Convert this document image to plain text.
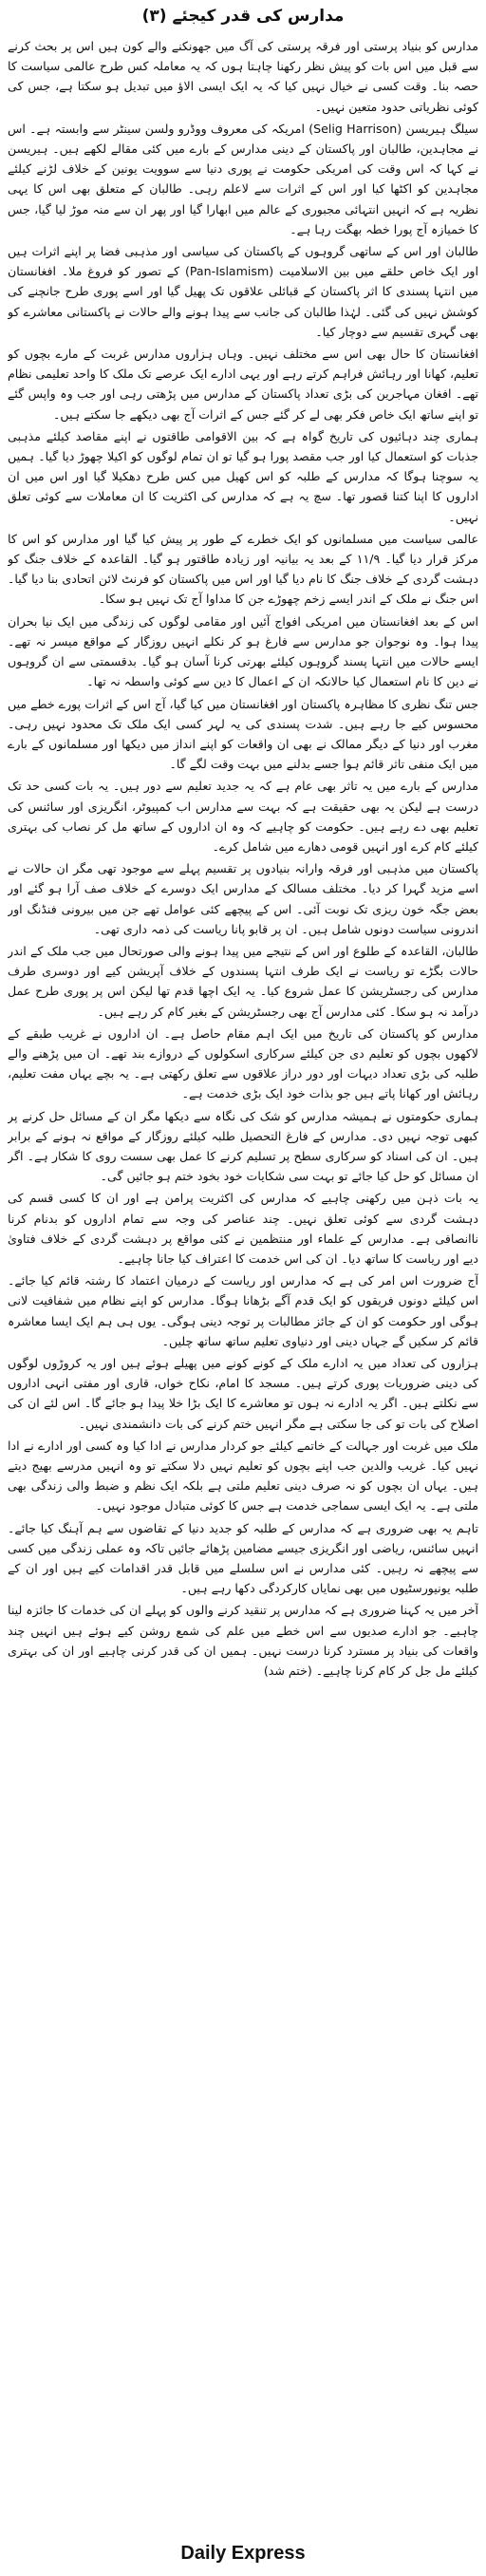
مدارس کی قدر کیجئے (۳)

مدارس کو بنیاد پرستی اور فرقہ پرستی کی آگ میں جھونکنے والے کون ہیں اس پر بحث کرنے سے قبل میں اس بات کو پیش نظر رکھنا چاہتا ہوں کہ یہ معاملہ کس طرح عالمی سیاست کا حصہ بنا۔ وقت کسی نے خیال نہیں کیا کہ یہ ایک ایسی الاؤ میں تبدیل ہو سکتا ہے، جس کی کوئی نظریاتی حدود متعین نہیں۔

سیلگ ہیریسن (Selig Harrison) امریکہ کی معروف ووڈرو ولسن سینٹر سے وابستہ ہے۔ اس نے مجاہدین، طالبان اور پاکستان کے دینی مدارس کے بارے میں کئی مقالے لکھے ہیں۔ ہیریسن نے کہا کہ اس وقت کی امریکی حکومت نے پوری دنیا سے سوویت یونین کے خلاف لڑنے کیلئے مجاہدین کو اکٹھا کیا اور اس کے اثرات سے لاعلم رہی۔ طالبان کے متعلق بھی اس کا یہی نظریہ ہے کہ انہیں انتہائی مجبوری کے عالم میں ابھارا گیا اور پھر ان سے منہ موڑ لیا گیا، جس کا خمیازہ آج پورا خطہ بھگت رہا ہے۔

طالبان اور اس کے ساتھی گروہوں کے پاکستان کی سیاسی اور مذہبی فضا پر اپنے اثرات ہیں اور ایک خاص حلقے میں بین الاسلامیت (Pan-Islamism) کے تصور کو فروغ ملا۔ افغانستان میں انتہا پسندی کا اثر پاکستان کے قبائلی علاقوں تک پھیل گیا اور اسے پوری طرح جانچنے کی کوشش نہیں کی گئی۔ لہٰذا طالبان کی جانب سے پیدا ہونے والے حالات نے پاکستانی معاشرے کو بھی گہری تقسیم سے دوچار کیا۔

افغانستان کا حال بھی اس سے مختلف نہیں۔ وہاں ہزاروں مدارس غربت کے مارے بچوں کو تعلیم، کھانا اور رہائش فراہم کرتے رہے اور یہی ادارے ایک عرصے تک ملک کا واحد تعلیمی نظام تھے۔ افغان مہاجرین کی بڑی تعداد پاکستان کے مدارس میں پڑھتی رہی اور جب وہ واپس گئے تو اپنے ساتھ ایک خاص فکر بھی لے کر گئے جس کے اثرات آج بھی دیکھے جا سکتے ہیں۔

ہماری چند دہائیوں کی تاریخ گواہ ہے کہ بین الاقوامی طاقتوں نے اپنے مقاصد کیلئے مذہبی جذبات کو استعمال کیا اور جب مقصد پورا ہو گیا تو ان تمام لوگوں کو اکیلا چھوڑ دیا گیا۔ ہمیں یہ سوچنا ہوگا کہ مدارس کے طلبہ کو اس کھیل میں کس طرح دھکیلا گیا اور اس میں ان اداروں کا اپنا کتنا قصور تھا۔ سچ یہ ہے کہ مدارس کی اکثریت کا ان معاملات سے کوئی تعلق نہیں۔

عالمی سیاست میں مسلمانوں کو ایک خطرے کے طور پر پیش کیا گیا اور مدارس کو اس کا مرکز قرار دیا گیا۔ ۱۱/۹ کے بعد یہ بیانیہ اور زیادہ طاقتور ہو گیا۔ القاعدہ کے خلاف جنگ کو دہشت گردی کے خلاف جنگ کا نام دیا گیا اور اس میں پاکستان کو فرنٹ لائن اتحادی بنا دیا گیا۔ اس جنگ نے ملک کے اندر ایسے زخم چھوڑے جن کا مداوا آج تک نہیں ہو سکا۔

اس کے بعد افغانستان میں امریکی افواج آئیں اور مقامی لوگوں کی زندگی میں ایک نیا بحران پیدا ہوا۔ وہ نوجوان جو مدارس سے فارغ ہو کر نکلے انہیں روزگار کے مواقع میسر نہ تھے۔ ایسے حالات میں انتہا پسند گروہوں کیلئے بھرتی کرنا آسان ہو گیا۔ بدقسمتی سے ان گروہوں نے دین کا نام استعمال کیا حالانکہ ان کے اعمال کا دین سے کوئی واسطہ نہ تھا۔

جس تنگ نظری کا مظاہرہ پاکستان اور افغانستان میں کیا گیا، آج اس کے اثرات پورے خطے میں محسوس کیے جا رہے ہیں۔ شدت پسندی کی یہ لہر کسی ایک ملک تک محدود نہیں رہی۔ مغرب اور دنیا کے دیگر ممالک نے بھی ان واقعات کو اپنے انداز میں دیکھا اور مسلمانوں کے بارے میں ایک منفی تاثر قائم ہوا جسے بدلنے میں بہت وقت لگے گا۔

مدارس کے بارے میں یہ تاثر بھی عام ہے کہ یہ جدید تعلیم سے دور ہیں۔ یہ بات کسی حد تک درست ہے لیکن یہ بھی حقیقت ہے کہ بہت سے مدارس اب کمپیوٹر، انگریزی اور سائنس کی تعلیم بھی دے رہے ہیں۔ حکومت کو چاہیے کہ وہ ان اداروں کے ساتھ مل کر نصاب کی بہتری کیلئے کام کرے اور انہیں قومی دھارے میں شامل کرے۔

پاکستان میں مذہبی اور فرقہ وارانہ بنیادوں پر تقسیم پہلے سے موجود تھی مگر ان حالات نے اسے مزید گہرا کر دیا۔ مختلف مسالک کے مدارس ایک دوسرے کے خلاف صف آرا ہو گئے اور بعض جگہ خون ریزی تک نوبت آئی۔ اس کے پیچھے کئی عوامل تھے جن میں بیرونی فنڈنگ اور اندرونی سیاست دونوں شامل ہیں۔ ان پر قابو پانا ریاست کی ذمہ داری تھی۔

طالبان، القاعدہ کے طلوع اور اس کے نتیجے میں پیدا ہونے والی صورتحال میں جب ملک کے اندر حالات بگڑے تو ریاست نے ایک طرف انتہا پسندوں کے خلاف آپریشن کیے اور دوسری طرف مدارس کی رجسٹریشن کا عمل شروع کیا۔ یہ ایک اچھا قدم تھا لیکن اس پر پوری طرح عمل درآمد نہ ہو سکا۔ کئی مدارس آج بھی رجسٹریشن کے بغیر کام کر رہے ہیں۔

مدارس کو پاکستان کی تاریخ میں ایک اہم مقام حاصل ہے۔ ان اداروں نے غریب طبقے کے لاکھوں بچوں کو تعلیم دی جن کیلئے سرکاری اسکولوں کے دروازے بند تھے۔ ان میں پڑھنے والے طلبہ کی بڑی تعداد دیہات اور دور دراز علاقوں سے تعلق رکھتی ہے۔ یہ بچے یہاں مفت تعلیم، رہائش اور کھانا پاتے ہیں جو بذات خود ایک بڑی خدمت ہے۔

ہماری حکومتوں نے ہمیشہ مدارس کو شک کی نگاہ سے دیکھا مگر ان کے مسائل حل کرنے پر کبھی توجہ نہیں دی۔ مدارس کے فارغ التحصیل طلبہ کیلئے روزگار کے مواقع نہ ہونے کے برابر ہیں۔ ان کی اسناد کو سرکاری سطح پر تسلیم کرنے کا عمل بھی سست روی کا شکار ہے۔ اگر ان مسائل کو حل کیا جائے تو بہت سی شکایات خود بخود ختم ہو جائیں گی۔

یہ بات ذہن میں رکھنی چاہیے کہ مدارس کی اکثریت پرامن ہے اور ان کا کسی قسم کی دہشت گردی سے کوئی تعلق نہیں۔ چند عناصر کی وجہ سے تمام اداروں کو بدنام کرنا ناانصافی ہے۔ مدارس کے علماء اور منتظمین نے کئی مواقع پر دہشت گردی کے خلاف فتاویٰ دیے اور ریاست کا ساتھ دیا۔ ان کی اس خدمت کا اعتراف کیا جانا چاہیے۔

آج ضرورت اس امر کی ہے کہ مدارس اور ریاست کے درمیان اعتماد کا رشتہ قائم کیا جائے۔ اس کیلئے دونوں فریقوں کو ایک قدم آگے بڑھانا ہوگا۔ مدارس کو اپنے نظام میں شفافیت لانی ہوگی اور حکومت کو ان کے جائز مطالبات پر توجہ دینی ہوگی۔ یوں ہی ہم ایک ایسا معاشرہ قائم کر سکیں گے جہاں دینی اور دنیاوی تعلیم ساتھ ساتھ چلیں۔

ہزاروں کی تعداد میں یہ ادارے ملک کے کونے کونے میں پھیلے ہوئے ہیں اور یہ کروڑوں لوگوں کی دینی ضروریات پوری کرتے ہیں۔ مسجد کا امام، نکاح خواں، قاری اور مفتی انہی اداروں سے نکلتے ہیں۔ اگر یہ ادارے نہ ہوں تو معاشرے کا ایک بڑا خلا پیدا ہو جائے گا۔ اس لئے ان کی اصلاح کی بات تو کی جا سکتی ہے مگر انہیں ختم کرنے کی بات دانشمندی نہیں۔

ملک میں غربت اور جہالت کے خاتمے کیلئے جو کردار مدارس نے ادا کیا وہ کسی اور ادارے نے ادا نہیں کیا۔ غریب والدین جب اپنے بچوں کو تعلیم نہیں دلا سکتے تو وہ انہیں مدرسے بھیج دیتے ہیں۔ یہاں ان بچوں کو نہ صرف دینی تعلیم ملتی ہے بلکہ ایک نظم و ضبط والی زندگی بھی ملتی ہے۔ یہ ایک ایسی سماجی خدمت ہے جس کا کوئی متبادل موجود نہیں۔

تاہم یہ بھی ضروری ہے کہ مدارس کے طلبہ کو جدید دنیا کے تقاضوں سے ہم آہنگ کیا جائے۔ انہیں سائنس، ریاضی اور انگریزی جیسے مضامین پڑھائے جائیں تاکہ وہ عملی زندگی میں کسی سے پیچھے نہ رہیں۔ کئی مدارس نے اس سلسلے میں قابل قدر اقدامات کیے ہیں اور ان کے طلبہ یونیورسٹیوں میں بھی نمایاں کارکردگی دکھا رہے ہیں۔

آخر میں یہ کہنا ضروری ہے کہ مدارس پر تنقید کرنے والوں کو پہلے ان کی خدمات کا جائزہ لینا چاہیے۔ جو ادارے صدیوں سے اس خطے میں علم کی شمع روشن کیے ہوئے ہیں انہیں چند واقعات کی بنیاد پر مسترد کرنا درست نہیں۔ ہمیں ان کی قدر کرنی چاہیے اور ان کی بہتری کیلئے مل جل کر کام کرنا چاہیے۔ (ختم شد)

Daily Express
